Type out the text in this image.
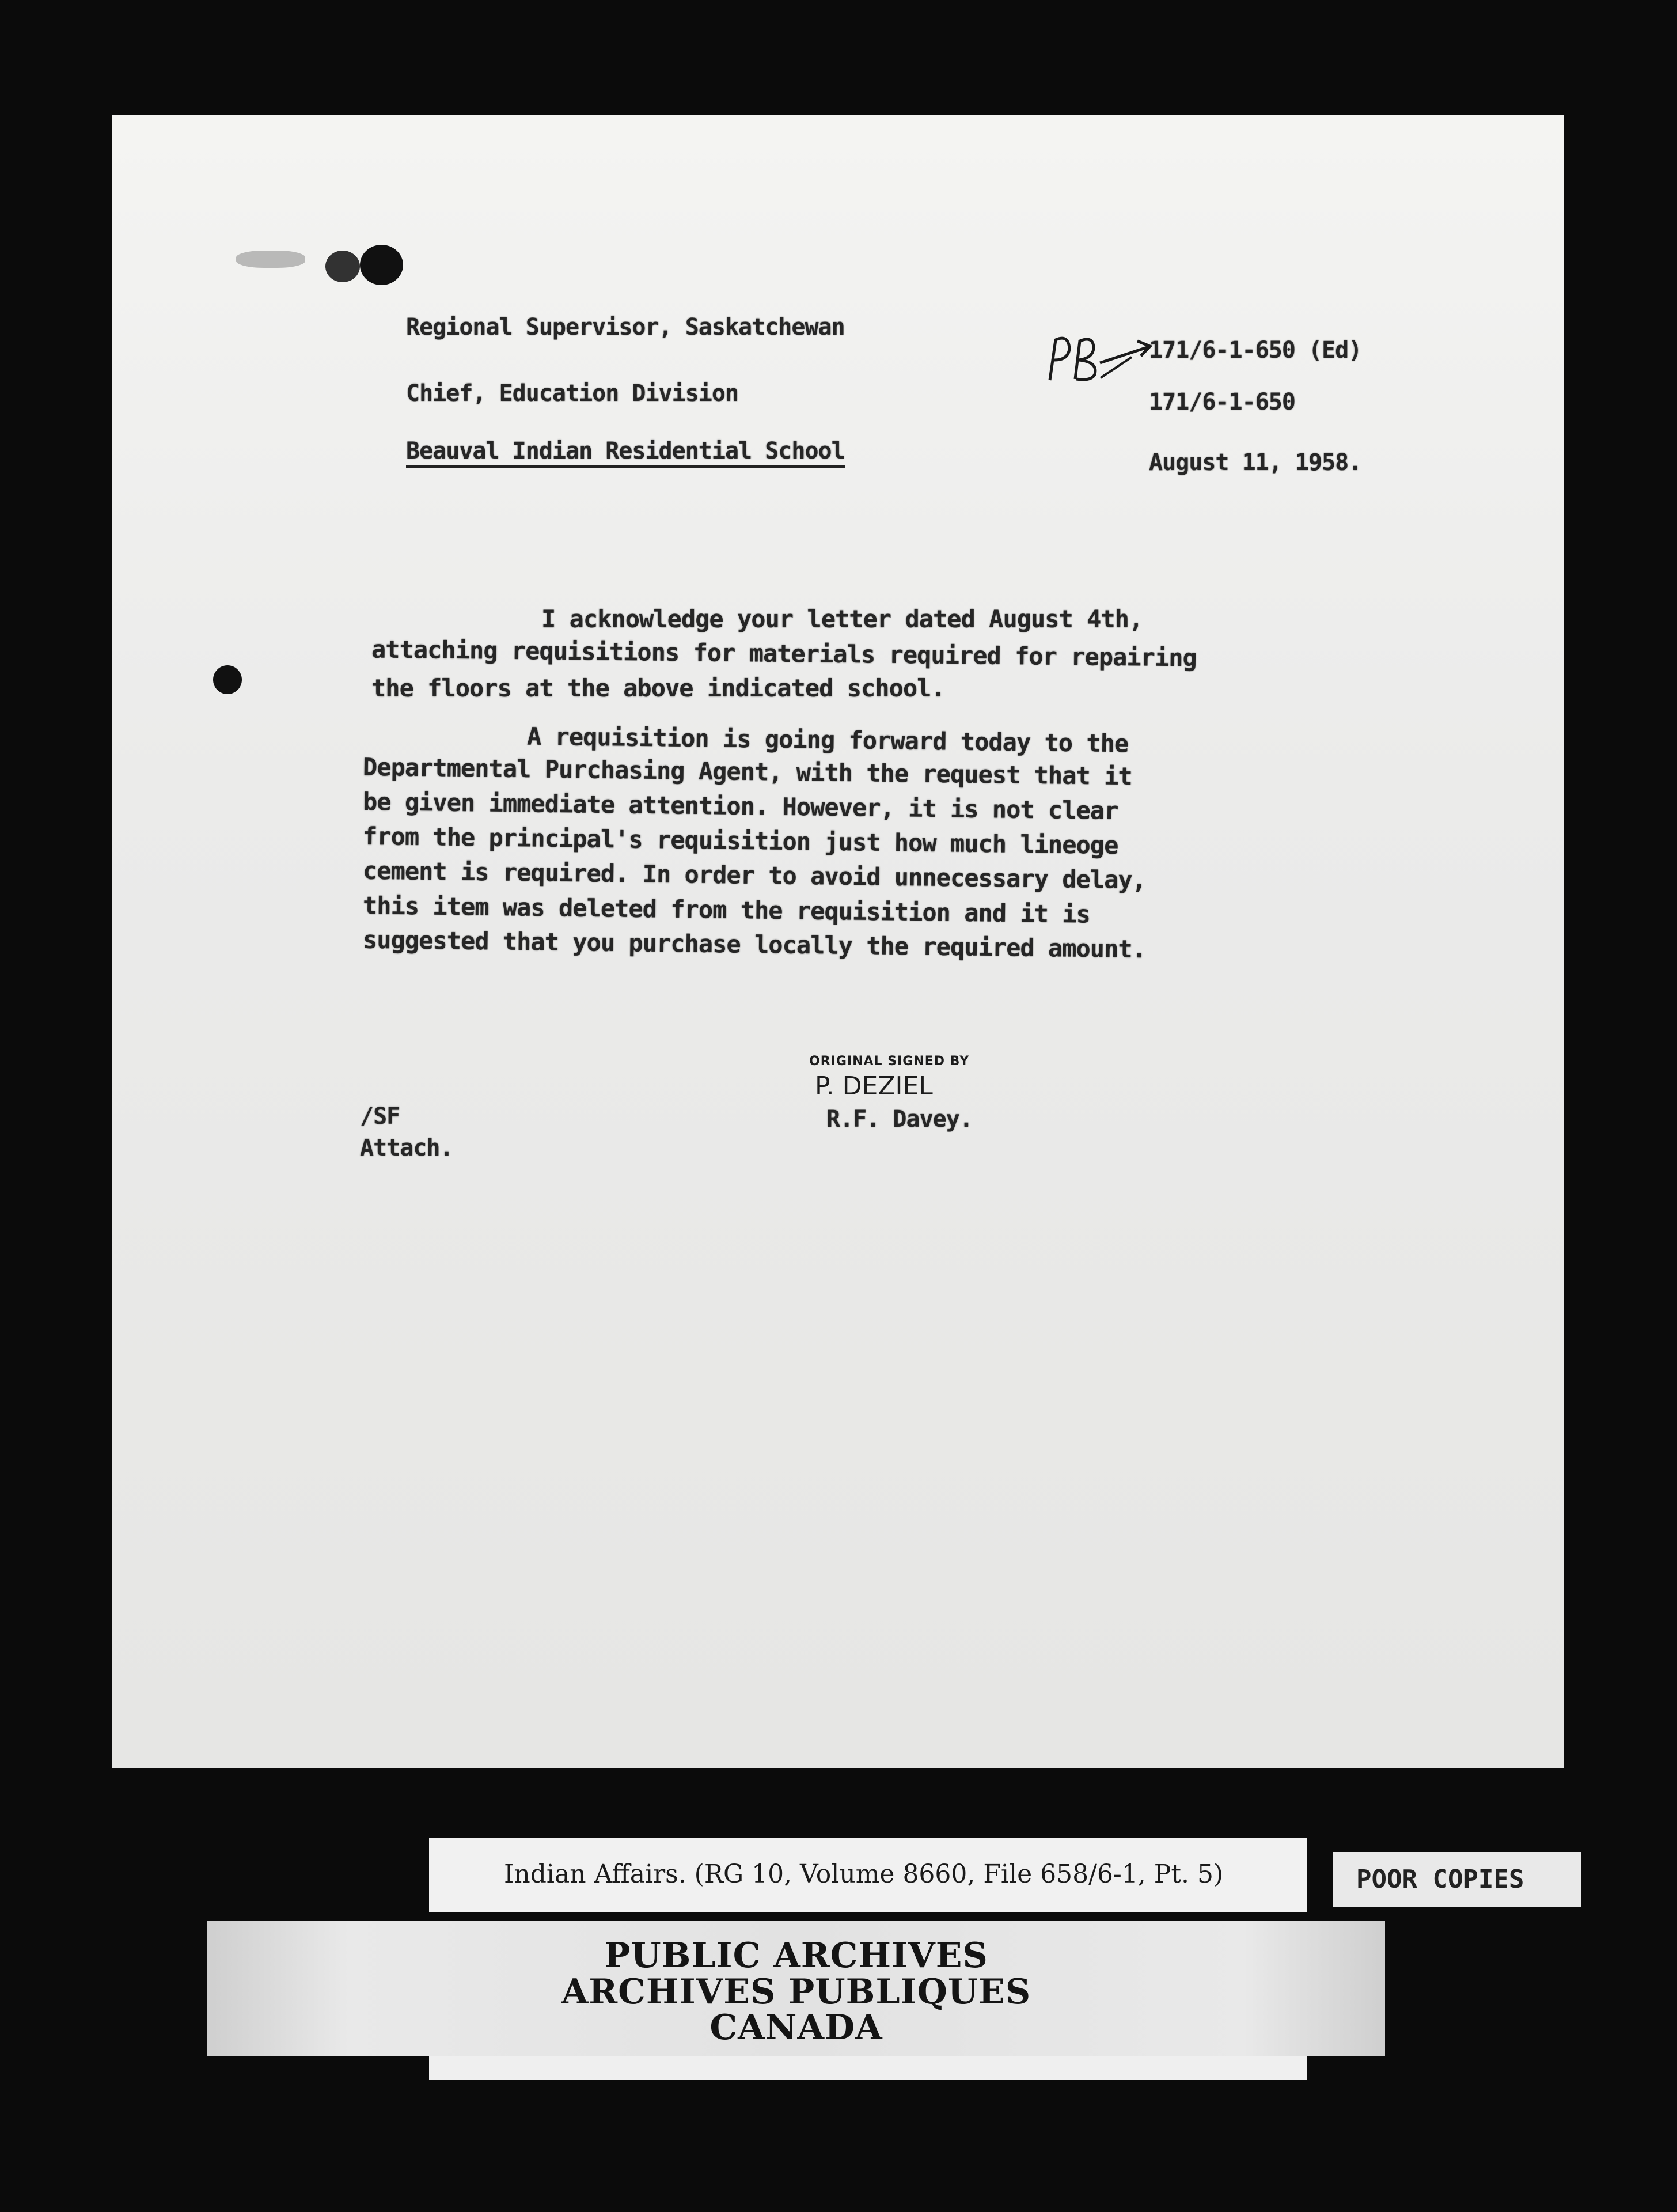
Regional Supervisor, Saskatchewan
Chief, Education Division
Beauval Indian Residential School
171/6-1-650 (Ed)
171/6-1-650
August 11, 1958.
I acknowledge your letter dated August 4th,
attaching requisitions for materials required for repairing
the floors at the above indicated school.
A requisition is going forward today to the
Departmental Purchasing Agent, with the request that it
be given immediate attention. However, it is not clear
from the principal's requisition just how much lineoge
cement is required. In order to avoid unnecessary delay,
this item was deleted from the requisition and it is
suggested that you purchase locally the required amount.
ORIGINAL SIGNED BY
P. DEZIEL
R.F. Davey.
/SF
Attach.
Indian Affairs. (RG 10, Volume 8660, File 658/6-1, Pt. 5)	POOR COPIES
PUBLIC ARCHIVES
ARCHIVES PUBLIQUES
CANADA
